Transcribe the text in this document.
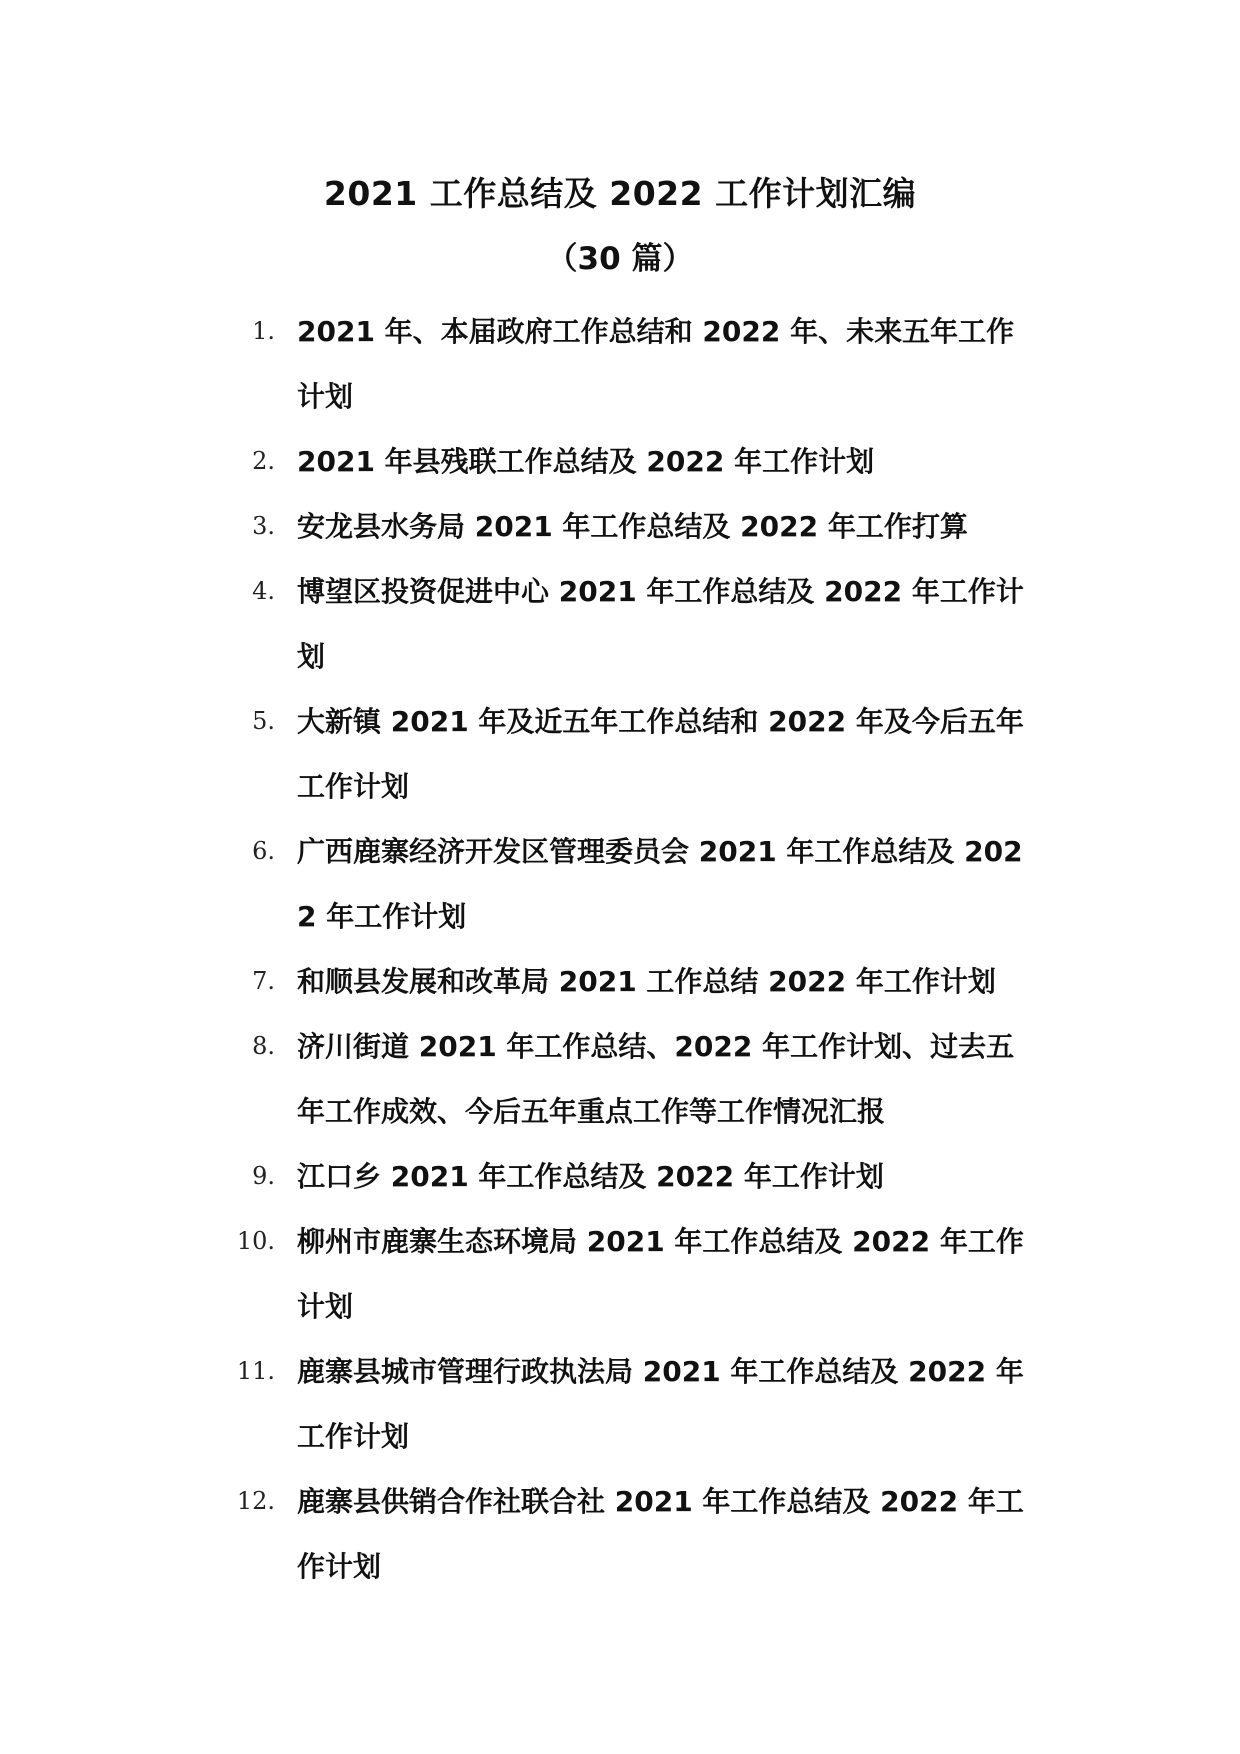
2021 工作总结及 2022 工作计划汇编
（30 篇）
1. 2021 年、本届政府工作总结和 2022 年、未来五年工作计划
2. 2021 年县残联工作总结及 2022 年工作计划
3. 安龙县水务局 2021 年工作总结及 2022 年工作打算
4. 博望区投资促进中心 2021 年工作总结及 2022 年工作计划
5. 大新镇 2021 年及近五年工作总结和 2022 年及今后五年工作计划
6. 广西鹿寨经济开发区管理委员会 2021 年工作总结及 2022 年工作计划
7. 和顺县发展和改革局 2021 工作总结 2022 年工作计划
8. 济川街道 2021 年工作总结、2022 年工作计划、过去五年工作成效、今后五年重点工作等工作情况汇报
9. 江口乡 2021 年工作总结及 2022 年工作计划
10. 柳州市鹿寨生态环境局 2021 年工作总结及 2022 年工作计划
11. 鹿寨县城市管理行政执法局 2021 年工作总结及 2022 年工作计划
12. 鹿寨县供销合作社联合社 2021 年工作总结及 2022 年工作计划
